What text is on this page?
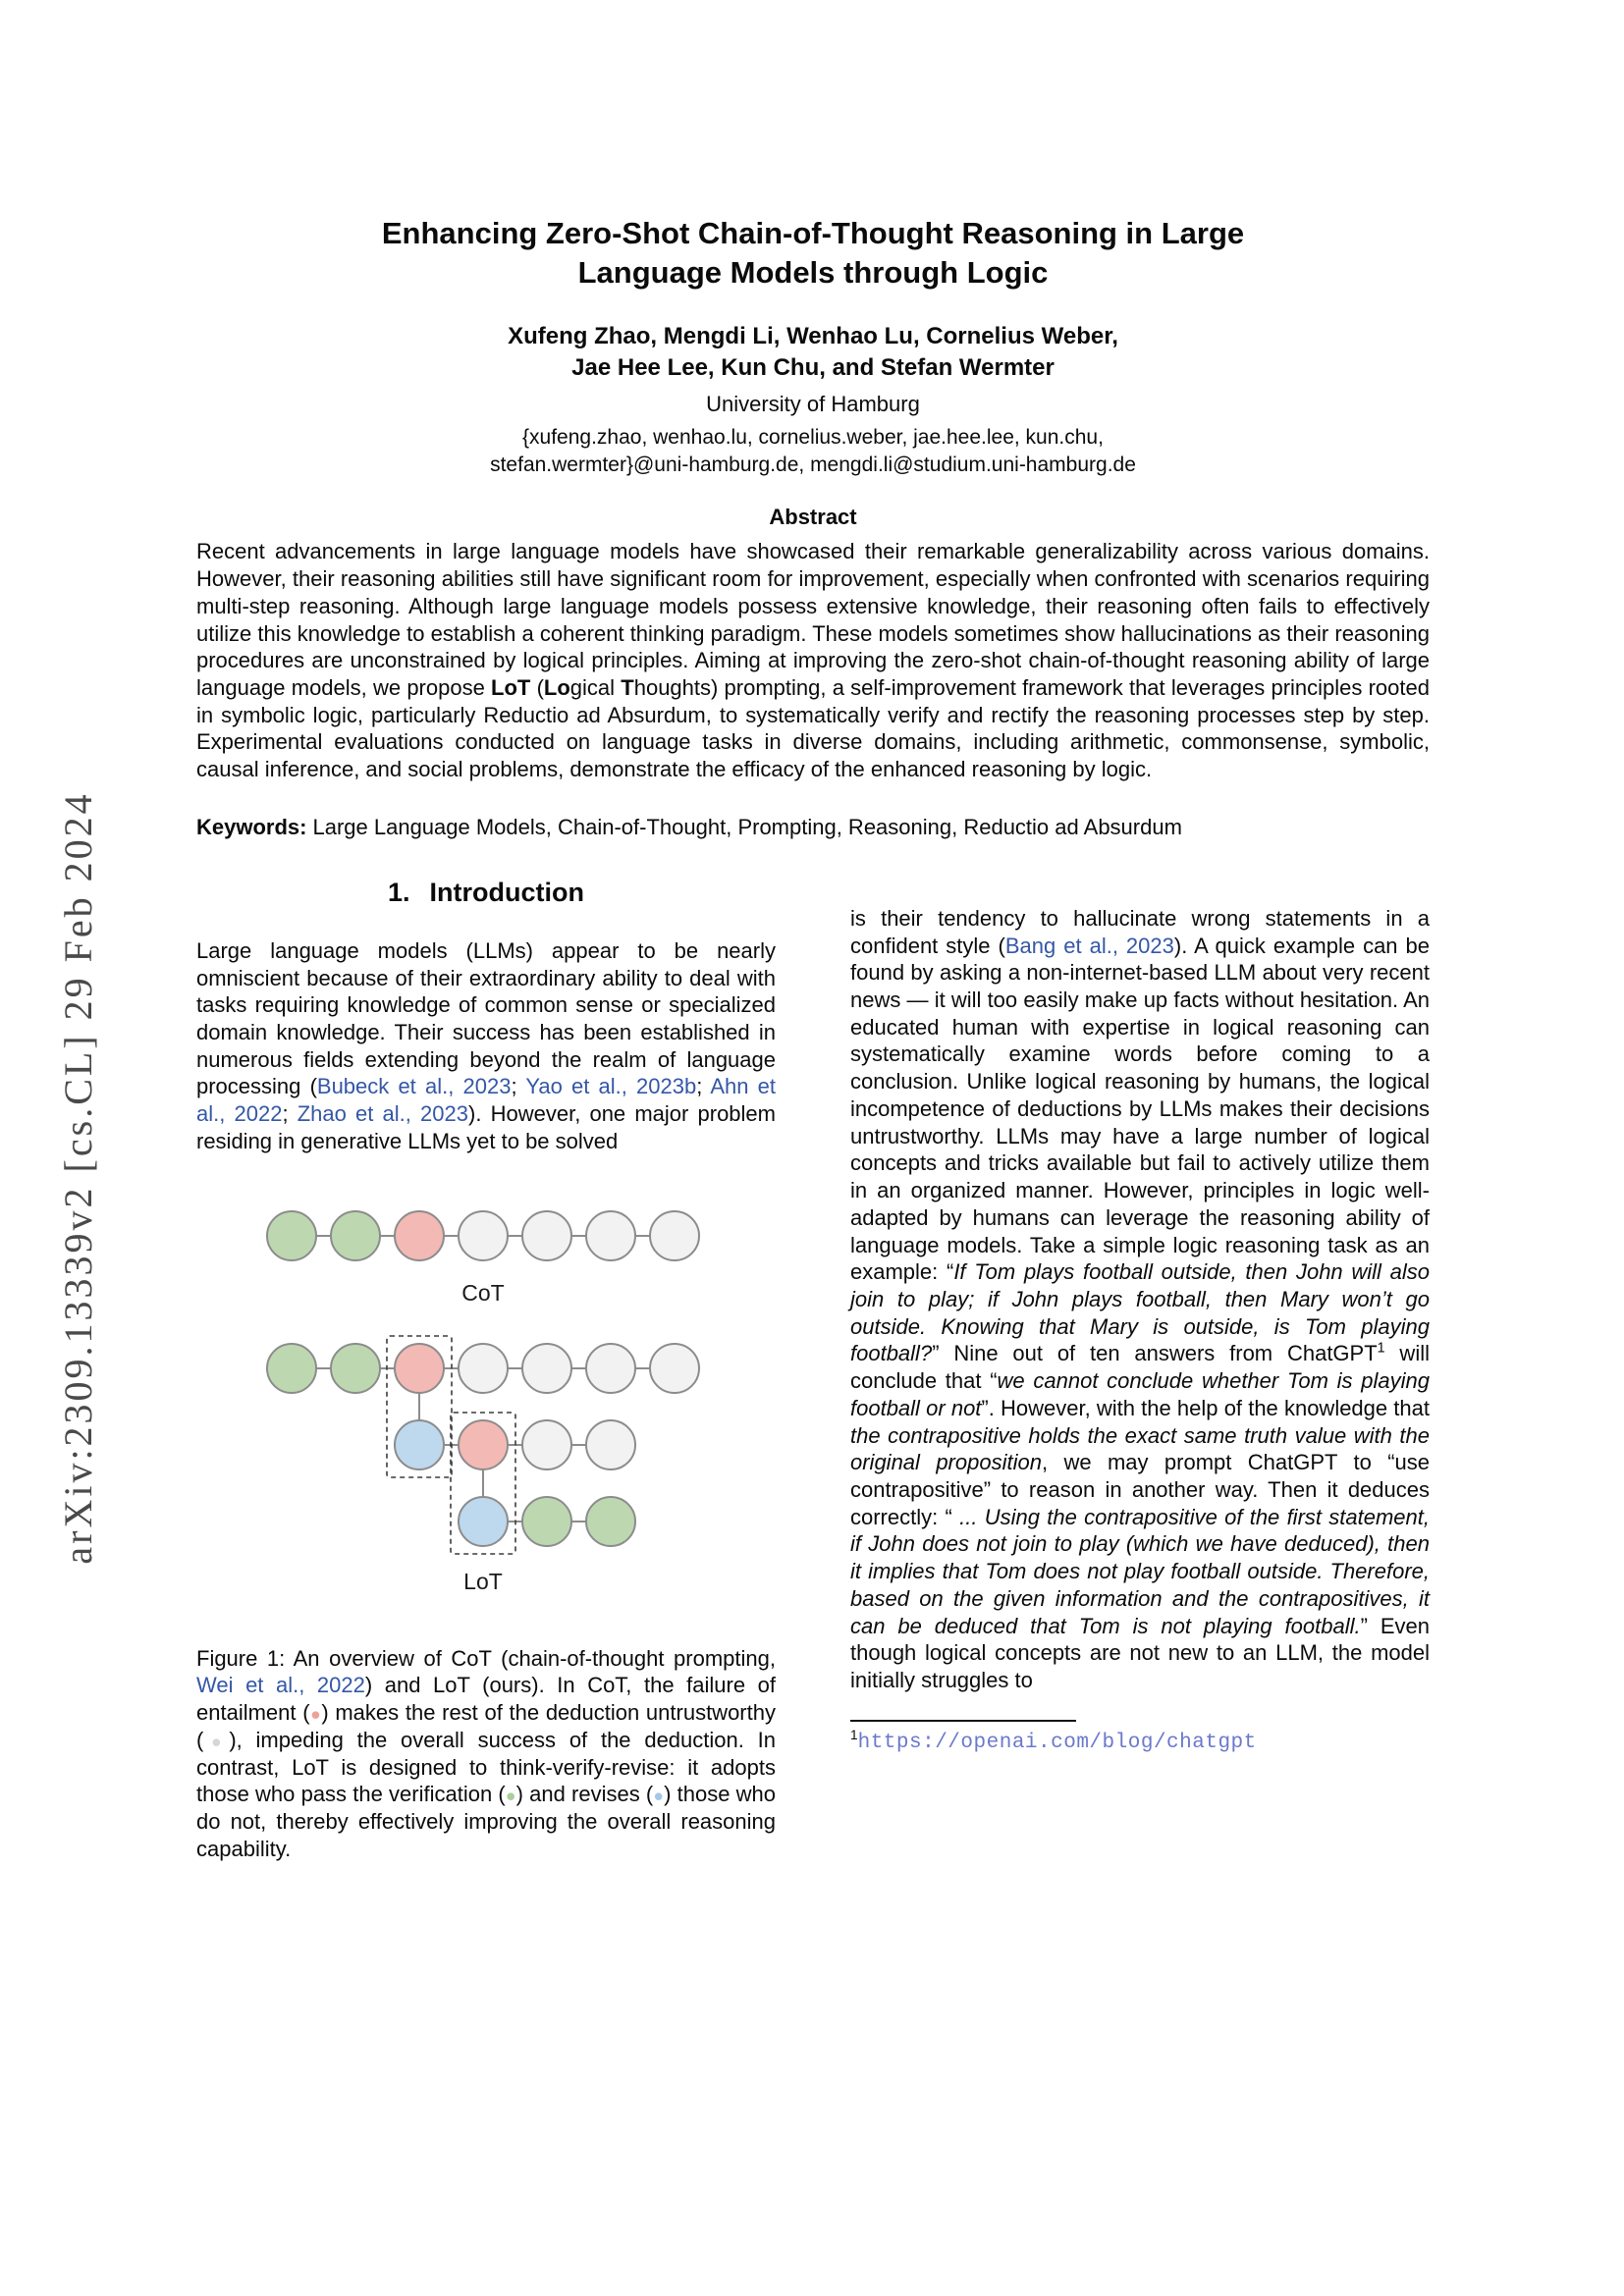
arXiv:2309.13339v2 [cs.CL] 29 Feb 2024
Enhancing Zero-Shot Chain-of-Thought Reasoning in Large Language Models through Logic
Xufeng Zhao, Mengdi Li, Wenhao Lu, Cornelius Weber,
Jae Hee Lee, Kun Chu, and Stefan Wermter
University of Hamburg
{xufeng.zhao, wenhao.lu, cornelius.weber, jae.hee.lee, kun.chu,
stefan.wermter}@uni-hamburg.de, mengdi.li@studium.uni-hamburg.de
Abstract

Recent advancements in large language models have showcased their remarkable generalizability across various domains. However, their reasoning abilities still have significant room for improvement, especially when confronted with scenarios requiring multi-step reasoning. Although large language models possess extensive knowledge, their reasoning often fails to effectively utilize this knowledge to establish a coherent thinking paradigm. These models sometimes show hallucinations as their reasoning procedures are unconstrained by logical principles. Aiming at improving the zero-shot chain-of-thought reasoning ability of large language models, we propose LoT (Logical Thoughts) prompting, a self-improvement framework that leverages principles rooted in symbolic logic, particularly Reductio ad Absurdum, to systematically verify and rectify the reasoning processes step by step. Experimental evaluations conducted on language tasks in diverse domains, including arithmetic, commonsense, symbolic, causal inference, and social problems, demonstrate the efficacy of the enhanced reasoning by logic.

Keywords: Large Language Models, Chain-of-Thought, Prompting, Reasoning, Reductio ad Absurdum

1. Introduction

Large language models (LLMs) appear to be nearly omniscient because of their extraordinary ability to deal with tasks requiring knowledge of common sense or specialized domain knowledge. Their success has been established in numerous fields extending beyond the realm of language processing (Bubeck et al., 2023; Yao et al., 2023b; Ahn et al., 2022; Zhao et al., 2023). However, one major problem residing in generative LLMs yet to be solved

CoT
LoT
Figure 1: An overview of CoT (chain-of-thought prompting, Wei et al., 2022) and LoT (ours). In CoT, the failure of entailment (●) makes the rest of the deduction untrustworthy (●), impeding the overall success of the deduction. In contrast, LoT is designed to think-verify-revise: it adopts those who pass the verification (●) and revises (●) those who do not, thereby effectively improving the overall reasoning capability.

is their tendency to hallucinate wrong statements in a confident style (Bang et al., 2023). A quick example can be found by asking a non-internet-based LLM about very recent news — it will too easily make up facts without hesitation. An educated human with expertise in logical reasoning can systematically examine words before coming to a conclusion. Unlike logical reasoning by humans, the logical incompetence of deductions by LLMs makes their decisions untrustworthy. LLMs may have a large number of logical concepts and tricks available but fail to actively utilize them in an organized manner. However, principles in logic well-adapted by humans can leverage the reasoning ability of language models. Take a simple logic reasoning task as an example: “If Tom plays football outside, then John will also join to play; if John plays football, then Mary won’t go outside. Knowing that Mary is outside, is Tom playing football?” Nine out of ten answers from ChatGPT$^1$ will conclude that “we cannot conclude whether Tom is playing football or not”. However, with the help of the knowledge that the contrapositive holds the exact same truth value with the original proposition, we may prompt ChatGPT to “use contrapositive” to reason in another way. Then it deduces correctly: “ ... Using the contrapositive of the first statement, if John does not join to play (which we have deduced), then it implies that Tom does not play football outside. Therefore, based on the given information and the contrapositives, it can be deduced that Tom is not playing football.” Even though logical concepts are not new to an LLM, the model initially struggles to

$^1$https://openai.com/blog/chatgpt
